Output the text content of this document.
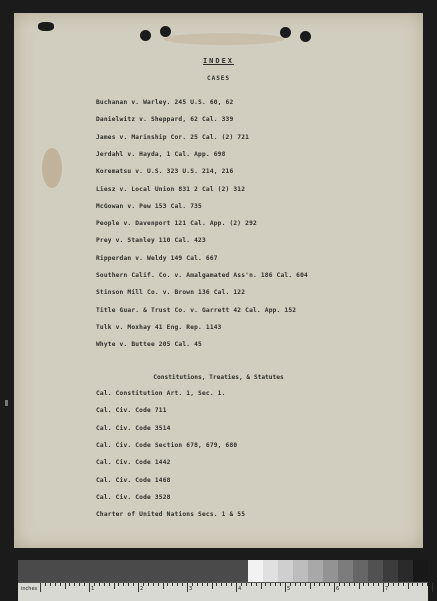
INDEX
CASES
Buchanan v. Warley. 245 U.S. 60, 62
Danielwitz v. Sheppard, 62 Cal. 339
James v. Marinship Cor. 25 Cal. (2) 721
Jerdahl v. Hayda, 1 Cal. App. 698
Korematsu v. U.S. 323 U.S. 214, 216
Liesz v. Local Union 831 2 Cal (2) 312
McGowan v. Pew 153 Cal. 735
People v. Davenport 121 Cal. App. (2) 292
Prey v. Stanley 110 Cal. 423
Ripperdan v. Weldy 149 Cal. 667
Southern Calif. Co. v. Amalgamated Ass'n. 186 Cal. 604
Stinson Mill Co. v. Brown 136 Cal. 122
Title Guar. & Trust Co. v. Garrett 42 Cal. App. 152
Tulk v. Moxhay 41 Eng. Rep. 1143
Whyte v. Buttee 205 Cal. 45
Constitutions, Treaties, & Statutes
Cal. Constitution Art. 1, Sec. 1.
Cal. Civ. Code 711
Cal. Civ. Code 3514
Cal. Civ. Code Section 678, 679, 680
Cal. Civ. Code 1442
Cal. Civ. Code 1468
Cal. Civ. Code 3528
Charter of United Nations Secs. 1 & 55
inches	1	2	3	4	5	6	7	8
